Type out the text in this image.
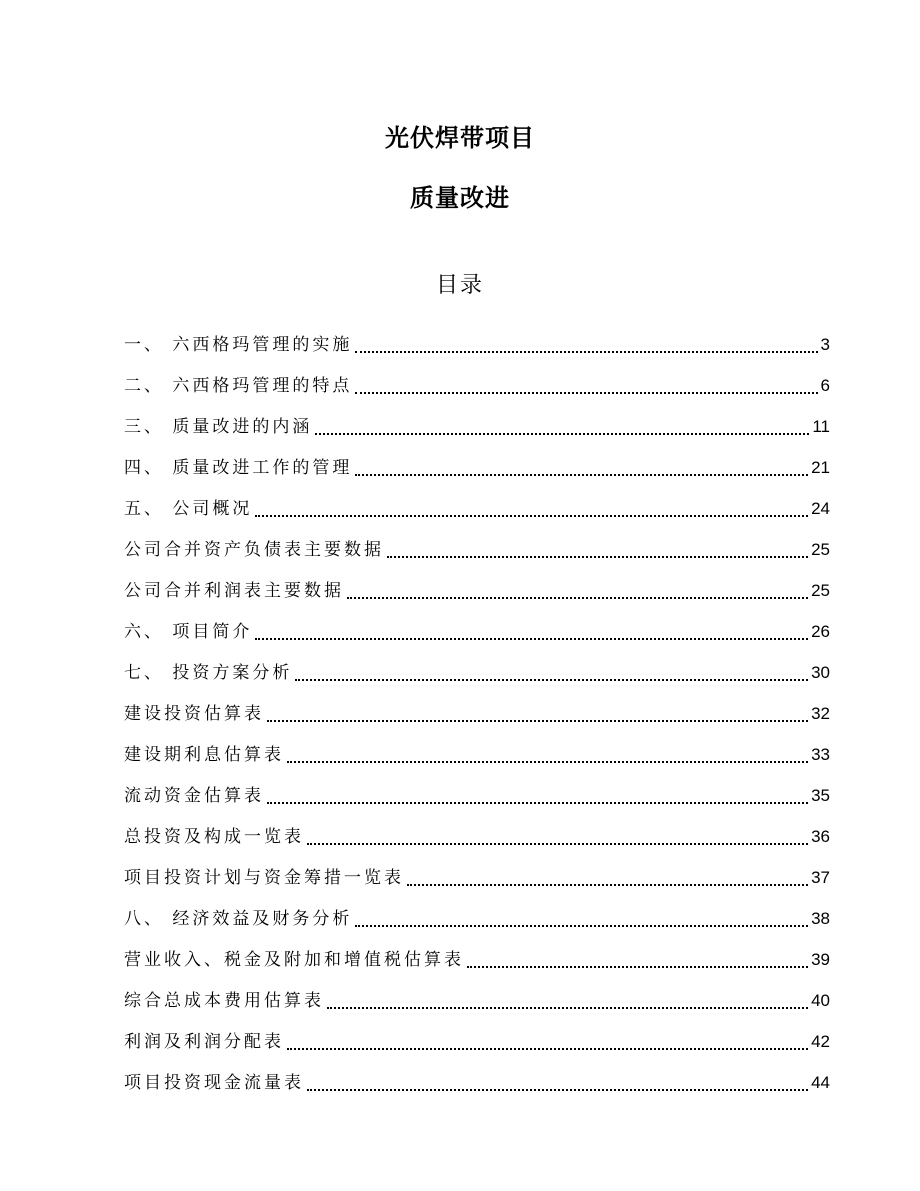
光伏焊带项目
质量改进
目录
一、 六西格玛管理的实施	3
二、 六西格玛管理的特点	6
三、 质量改进的内涵	11
四、 质量改进工作的管理	21
五、 公司概况	24
公司合并资产负债表主要数据	25
公司合并利润表主要数据	25
六、 项目简介	26
七、 投资方案分析	30
建设投资估算表	32
建设期利息估算表	33
流动资金估算表	35
总投资及构成一览表	36
项目投资计划与资金筹措一览表	37
八、 经济效益及财务分析	38
营业收入、税金及附加和增值税估算表	39
综合总成本费用估算表	40
利润及利润分配表	42
项目投资现金流量表	44
